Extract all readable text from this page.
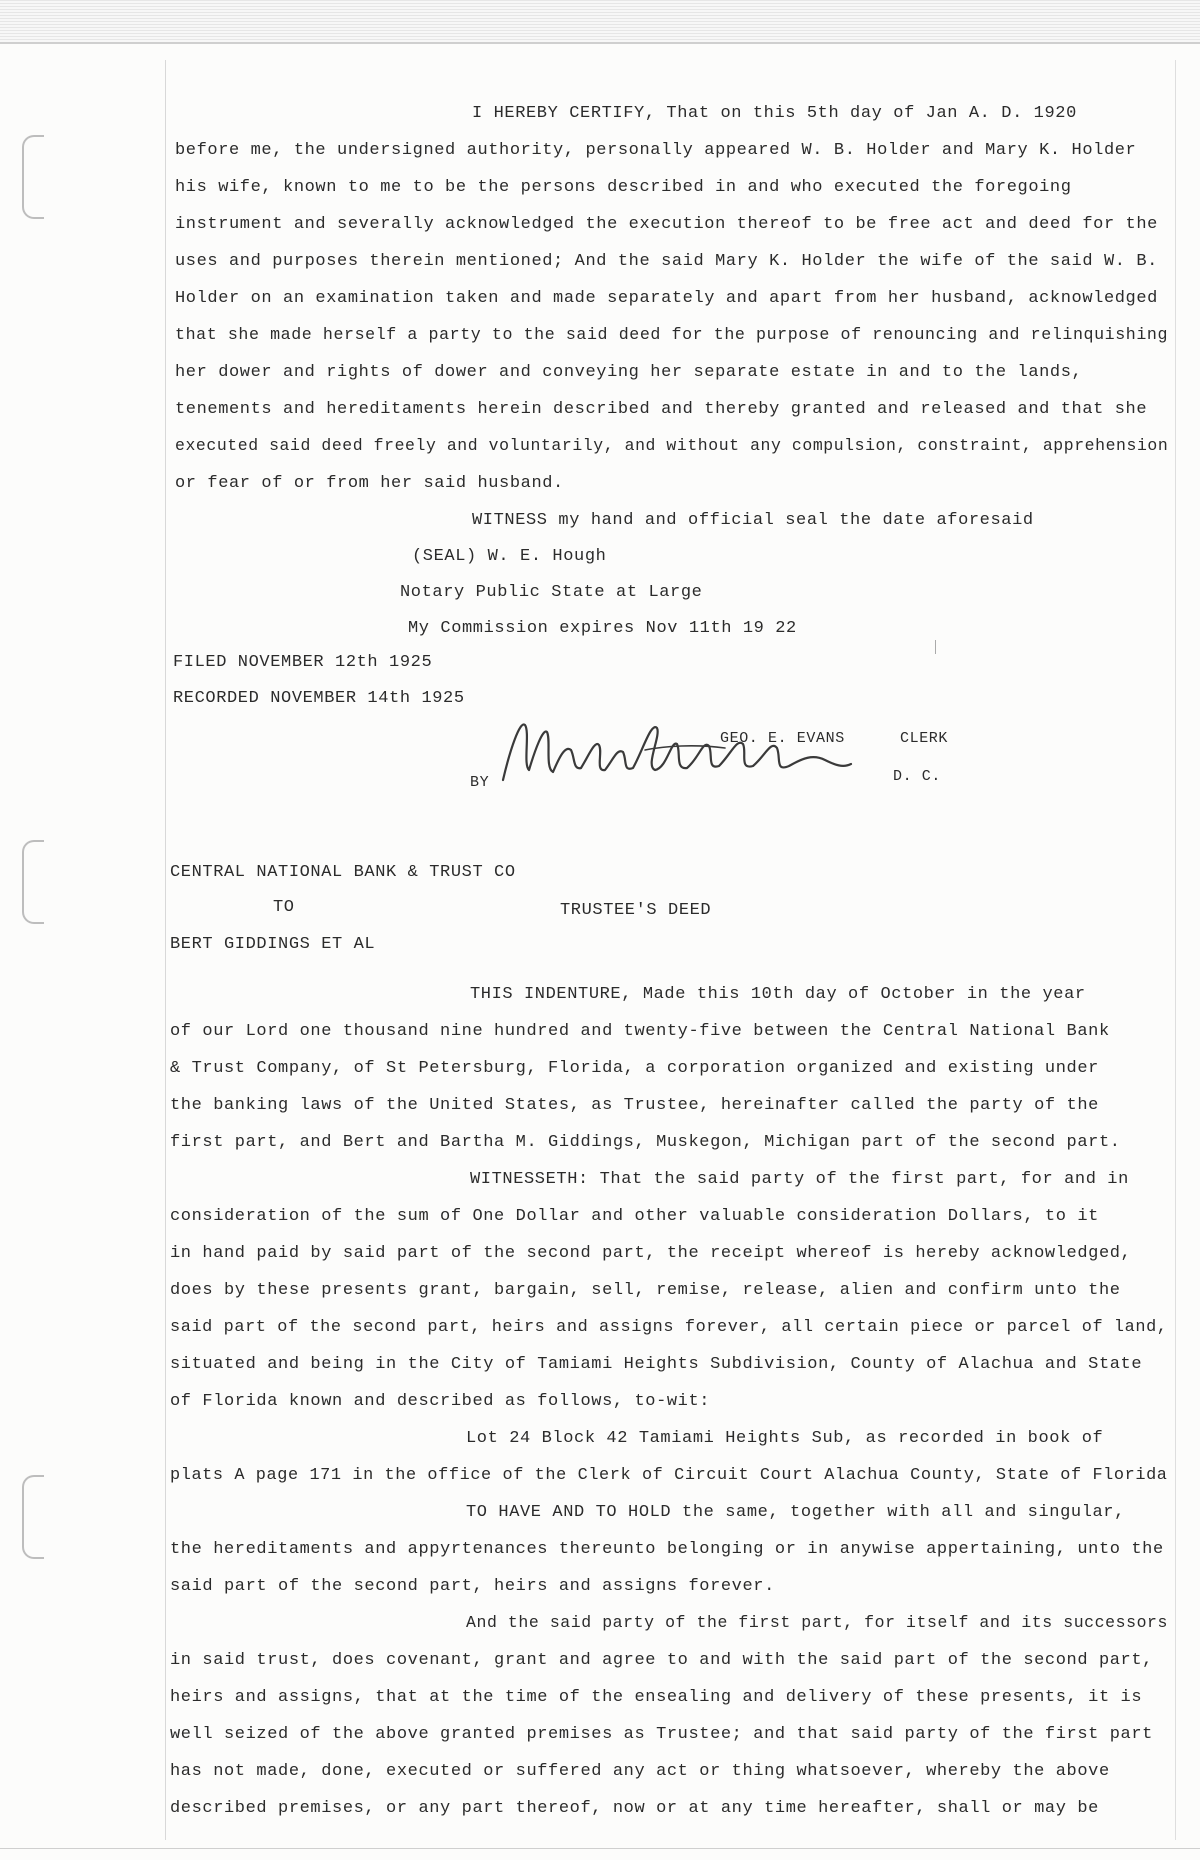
I HEREBY CERTIFY, That on this 5th day of Jan A. D. 1920
before me, the undersigned authority, personally appeared W. B. Holder and Mary K. Holder
his wife, known to me to be the persons described in and who executed the foregoing
instrument and severally acknowledged the execution thereof to be free act and deed for the
uses and purposes therein mentioned; And the said Mary K. Holder the wife of the said W. B.
Holder on an examination taken and made separately and apart from her husband, acknowledged
that she made herself a party to the said deed for the purpose of renouncing and relinquishing
her dower and rights of dower and conveying her separate estate in and to the lands,
tenements and hereditaments herein described and thereby granted and released and that she
executed said deed freely and voluntarily, and without any compulsion, constraint, apprehension
or fear of or from her said husband.
WITNESS my hand and official seal the date aforesaid
(SEAL) W. E. Hough
Notary Public State at Large
My Commission expires Nov 11th 19 22
FILED NOVEMBER 12th 1925
RECORDED NOVEMBER 14th 1925
GEO. E. EVANS	CLERK
BY	D. C.
CENTRAL NATIONAL BANK & TRUST CO
TO	TRUSTEE'S DEED
BERT GIDDINGS ET AL
THIS INDENTURE, Made this 10th day of October in the year
of our Lord one thousand nine hundred and twenty-five between the Central National Bank
& Trust Company, of St Petersburg, Florida, a corporation organized and existing under
the banking laws of the United States, as Trustee, hereinafter called the party of the
first part, and Bert and Bartha M. Giddings, Muskegon, Michigan part of the second part.
WITNESSETH: That the said party of the first part, for and in
consideration of the sum of One Dollar and other valuable consideration Dollars, to it
in hand paid by said part of the second part, the receipt whereof is hereby acknowledged,
does by these presents grant, bargain, sell, remise, release, alien and confirm unto the
said part of the second part, heirs and assigns forever, all certain piece or parcel of land,
situated and being in the City of Tamiami Heights Subdivision, County of Alachua and State
of Florida known and described as follows, to-wit:
Lot 24 Block 42 Tamiami Heights Sub, as recorded in book of
plats A page 171 in the office of the Clerk of Circuit Court Alachua County, State of Florida
TO HAVE AND TO HOLD the same, together with all and singular,
the hereditaments and appyrtenances thereunto belonging or in anywise appertaining, unto the
said part of the second part, heirs and assigns forever.
And the said party of the first part, for itself and its successors
in said trust, does covenant, grant and agree to and with the said part of the second part,
heirs and assigns, that at the time of the ensealing and delivery of these presents, it is
well seized of the above granted premises as Trustee; and that said party of the first part
has not made, done, executed or suffered any act or thing whatsoever, whereby the above
described premises, or any part thereof, now or at any time hereafter, shall or may be
